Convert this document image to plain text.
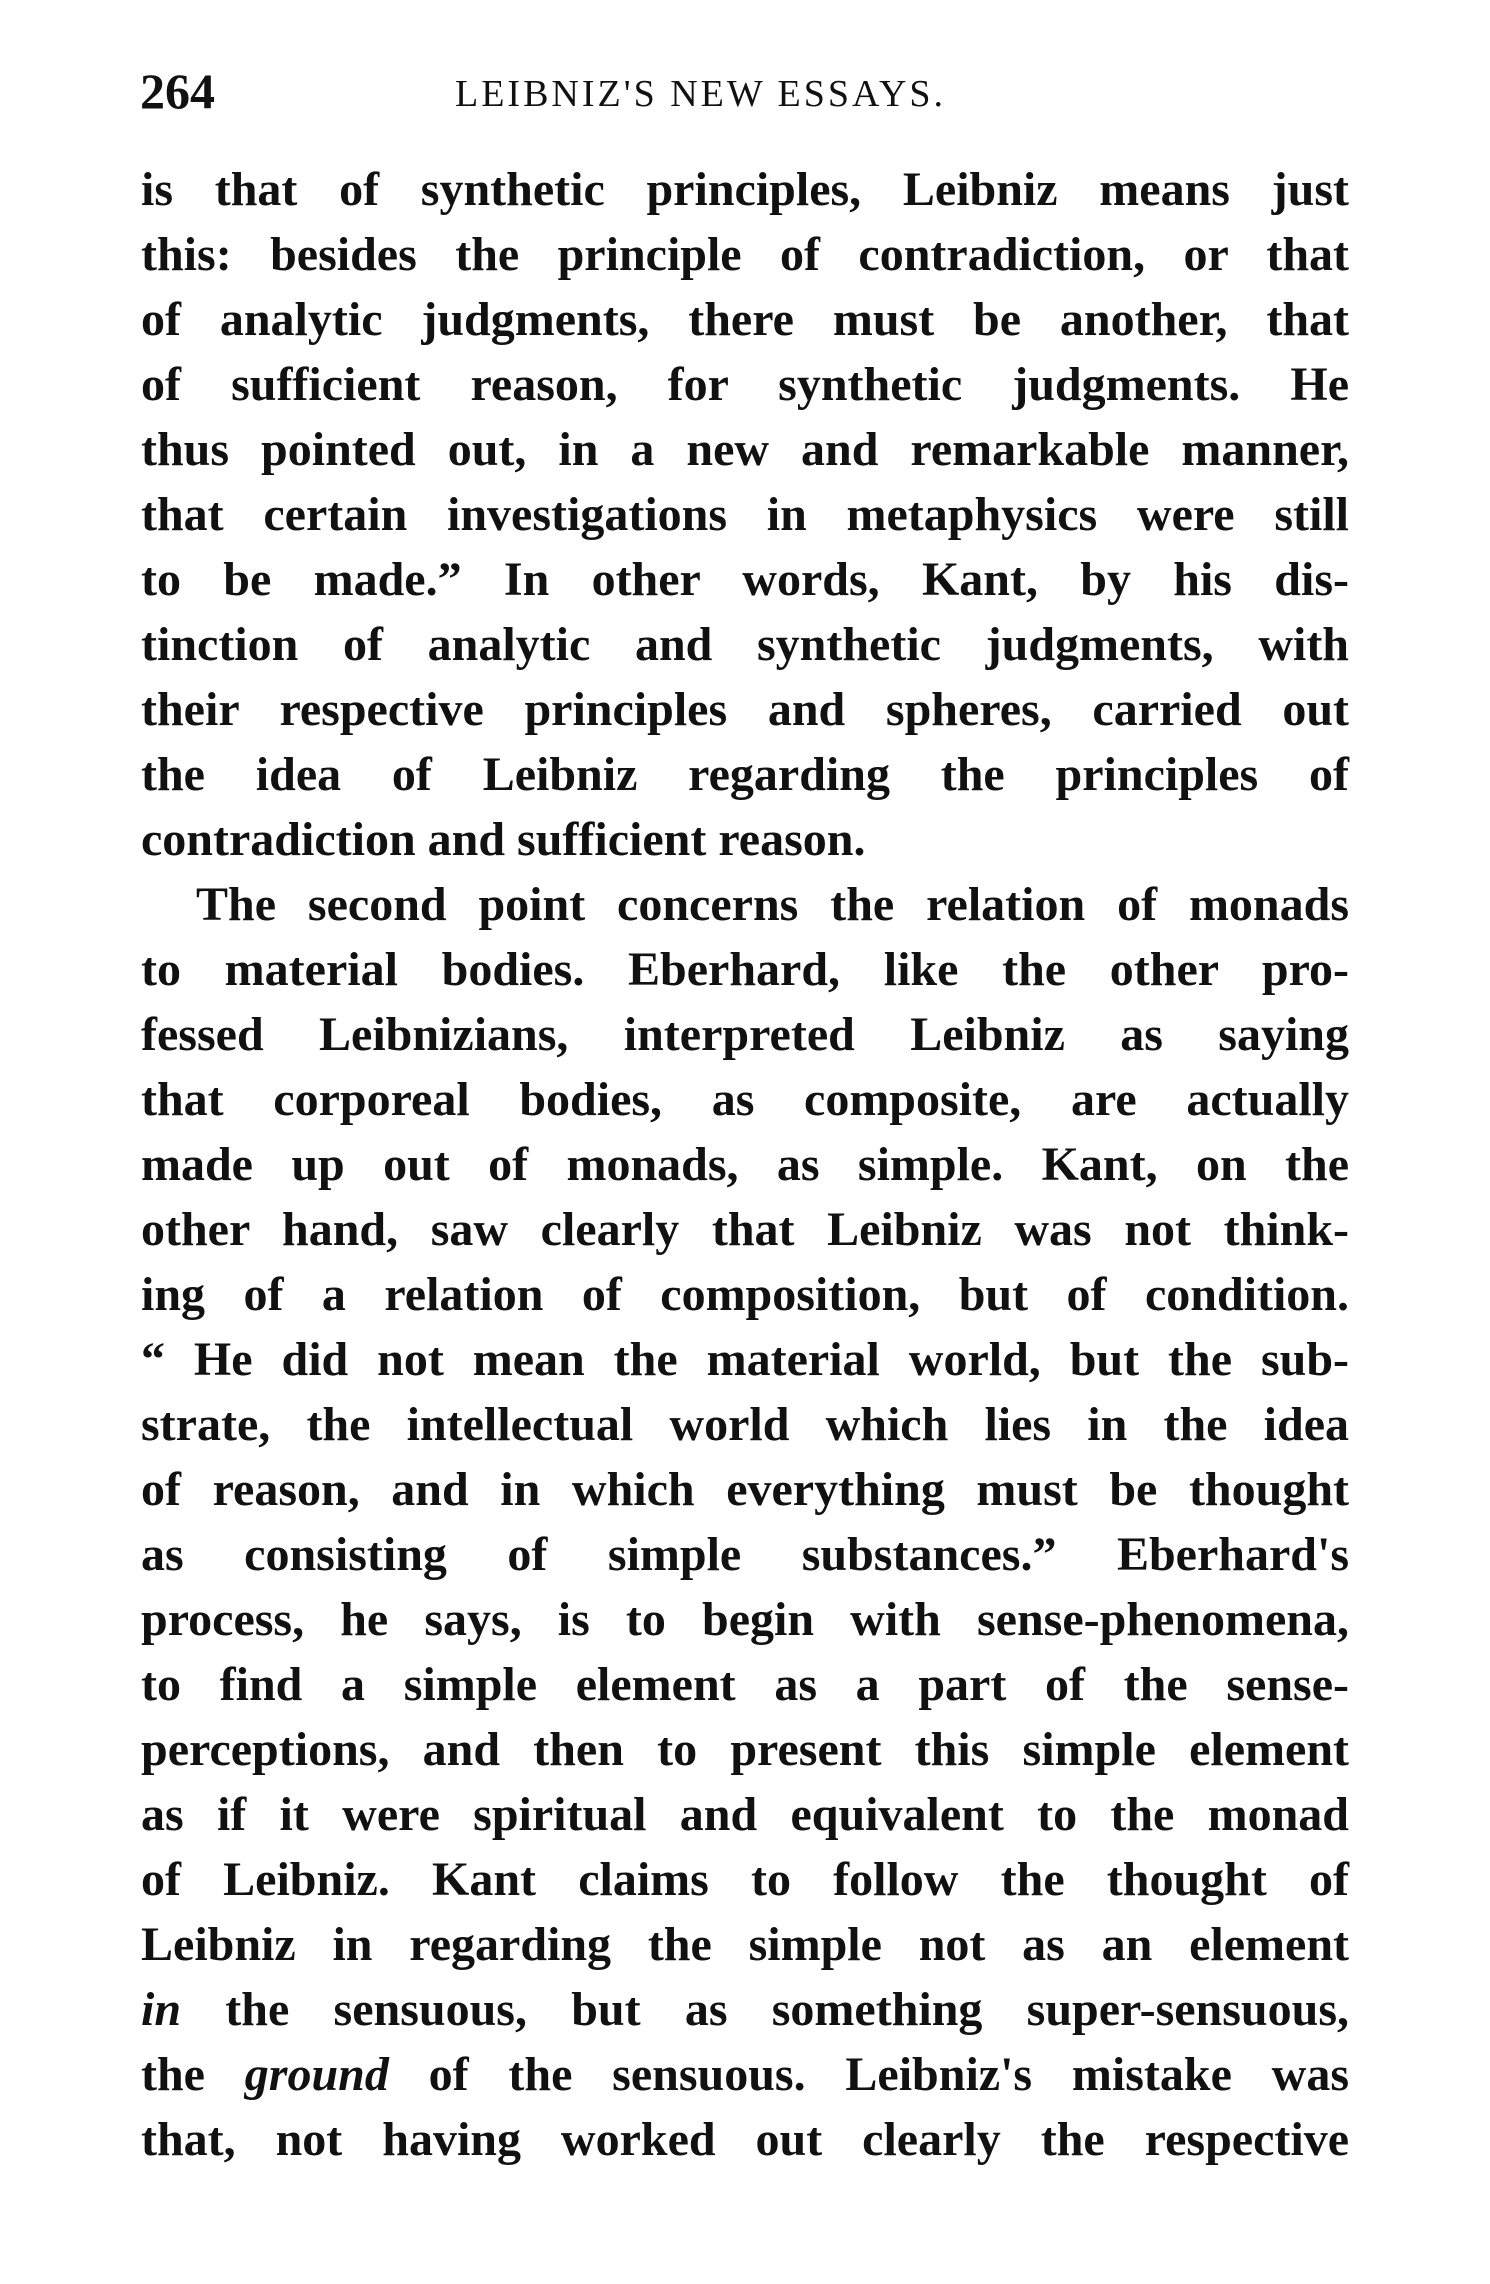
264	LEIBNIZ'S NEW ESSAYS.
is that of synthetic principles, Leibniz means just
this: besides the principle of contradiction, or that
of analytic judgments, there must be another, that
of sufficient reason, for synthetic judgments. He
thus pointed out, in a new and remarkable manner,
that certain investigations in metaphysics were still
to be made.” In other words, Kant, by his dis-
tinction of analytic and synthetic judgments, with
their respective principles and spheres, carried out
the idea of Leibniz regarding the principles of
contradiction and sufficient reason.
The second point concerns the relation of monads
to material bodies. Eberhard, like the other pro-
fessed Leibnizians, interpreted Leibniz as saying
that corporeal bodies, as composite, are actually
made up out of monads, as simple. Kant, on the
other hand, saw clearly that Leibniz was not think-
ing of a relation of composition, but of condition.
“ He did not mean the material world, but the sub-
strate, the intellectual world which lies in the idea
of reason, and in which everything must be thought
as consisting of simple substances.” Eberhard's
process, he says, is to begin with sense-phenomena,
to find a simple element as a part of the sense-
perceptions, and then to present this simple element
as if it were spiritual and equivalent to the monad
of Leibniz. Kant claims to follow the thought of
Leibniz in regarding the simple not as an element
in the sensuous, but as something super-sensuous,
the ground of the sensuous. Leibniz's mistake was
that, not having worked out clearly the respective
